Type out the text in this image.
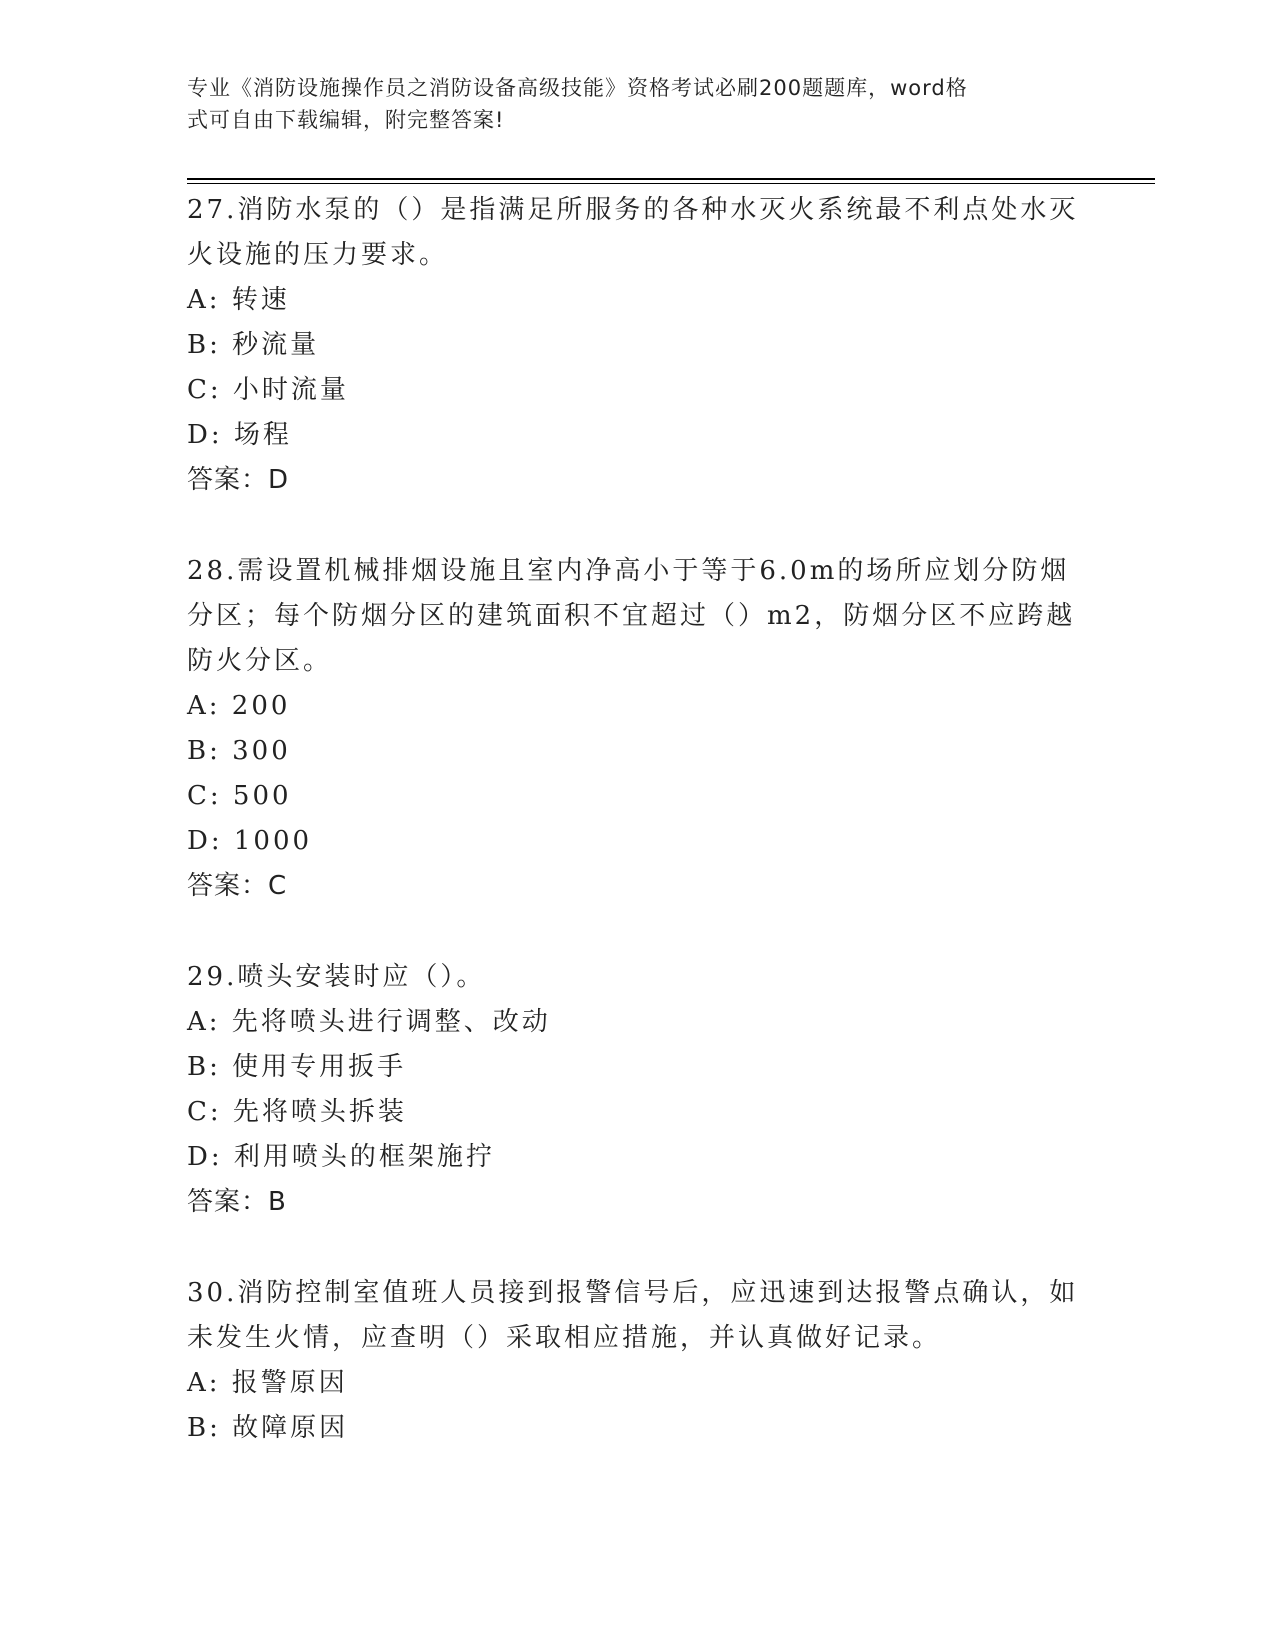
专业《消防设施操作员之消防设备高级技能》资格考试必刷200题题库，word格
式可自由下载编辑，附完整答案!
27.消防水泵的（）是指满足所服务的各种水灭火系统最不利点处水灭
火设施的压力要求。
A: 转速
B: 秒流量
C: 小时流量
D: 场程
答案：D
28.需设置机械排烟设施且室内净高小于等于6.0m的场所应划分防烟
分区；每个防烟分区的建筑面积不宜超过（）m2，防烟分区不应跨越
防火分区。
A: 200
B: 300
C: 500
D: 1000
答案：C
29.喷头安装时应（）。
A: 先将喷头进行调整、改动
B: 使用专用扳手
C: 先将喷头拆装
D: 利用喷头的框架施拧
答案：B
30.消防控制室值班人员接到报警信号后，应迅速到达报警点确认，如
未发生火情，应查明（）采取相应措施，并认真做好记录。
A: 报警原因
B: 故障原因
